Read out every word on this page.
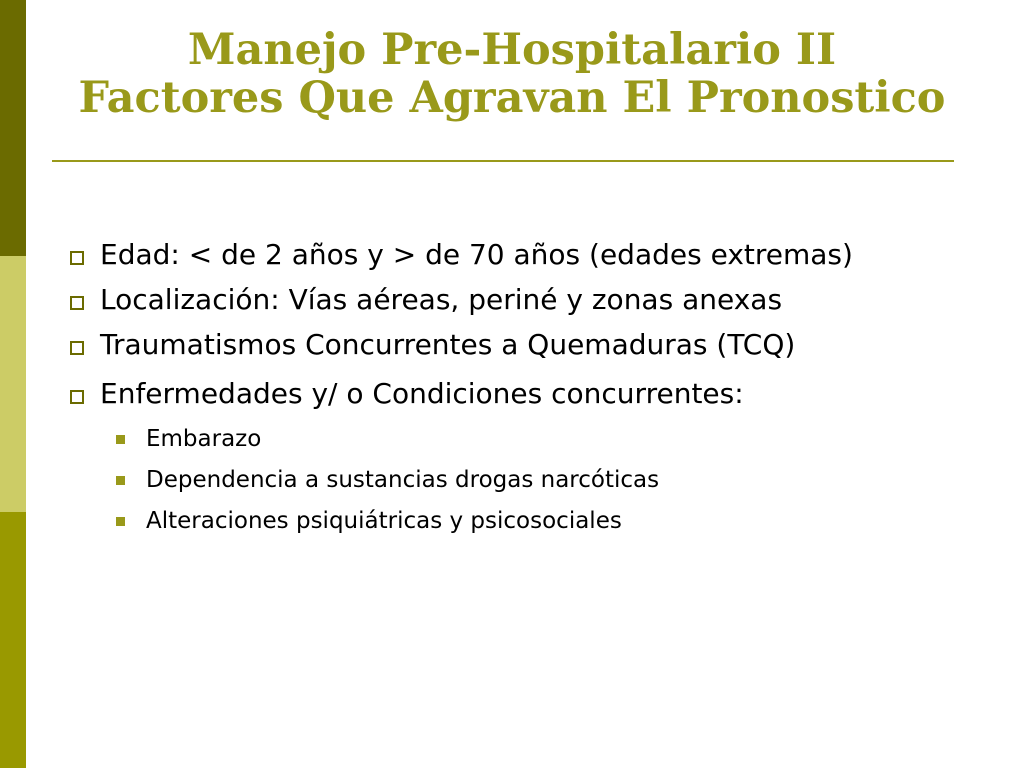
Manejo Pre-Hospitalario II
Factores Que Agravan El Pronostico
Edad: < de 2 años y > de 70 años (edades extremas)
Localización: Vías aéreas, periné y zonas anexas
Traumatismos Concurrentes a Quemaduras (TCQ)
Enfermedades y/ o Condiciones concurrentes:
Embarazo
Dependencia a sustancias drogas narcóticas
Alteraciones psiquiátricas y psicosociales
